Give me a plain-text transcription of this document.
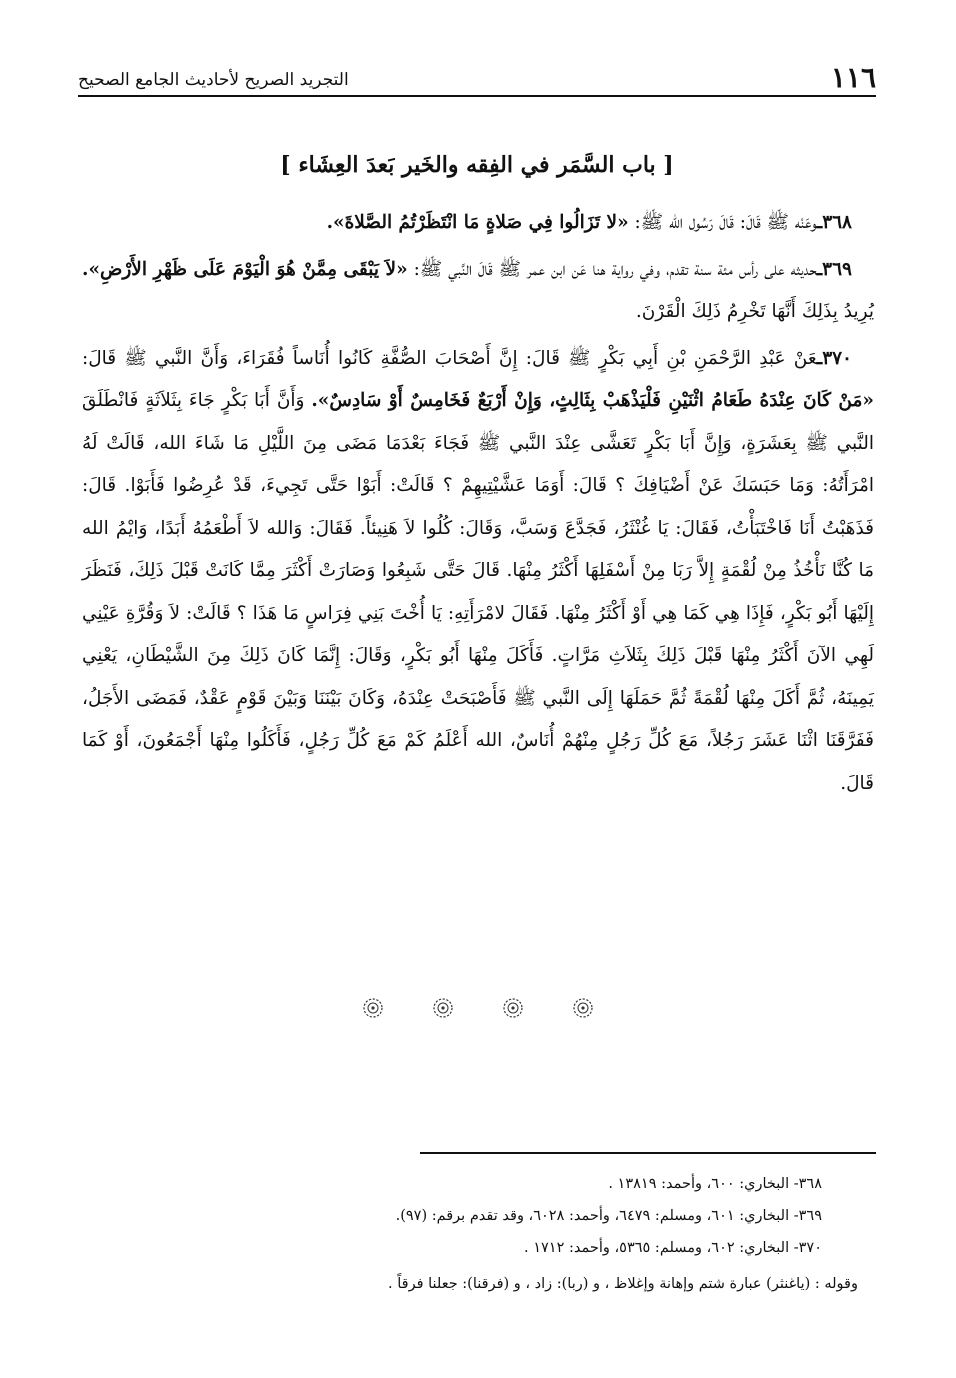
١١٦
التجريد الصريح لأحاديث الجامع الصحيح
[ باب السَّمَر في الفِقه والخَير بَعدَ العِشَاء ]

٣٦٨ـوعَنْه ﷺ قَالَ: قَالَ رَسُول الله ﷺ: «لا تَزَالُوا فِي صَلاةٍ مَا انْتَظَرْتُمُ الصَّلاةَ».

٣٦٩ـحديثه على رأس مئة سنة تقدم، وفي رواية هنا عَن ابن عمر ﷺ قَالَ النَّبي ﷺ: «لاَ يَبْقَى مِمَّنْ هُوَ الْيَوْمَ عَلَى ظَهْرِ الأَرْضِ». يُرِيدُ بِذَلِكَ أَنَّهَا تَخْرِمُ ذَلِكَ الْقَرْنَ.

٣٧٠ـعَنْ عَبْدِ الرَّحْمَنِ بْنِ أَبِي بَكْرٍ ﷺ قَالَ: إِنَّ أَصْحَابَ الصُّفَّةِ كَانُوا أُنَاساً فُقَرَاءَ، وَأَنَّ النَّبي ﷺ قَالَ: «مَنْ كَانَ عِنْدَهُ طَعَامُ اثْنَيْنِ فَلْيَذْهَبْ بِثَالِثٍ، وَإِنْ أَرْبَعٌ فَخَامِسٌ أَوْ سَادِسٌ». وَأَنَّ أَبَا بَكْرٍ جَاءَ بِثَلاَثَةٍ فَانْطَلَقَ النَّبي ﷺ بِعَشَرَةٍ، وَإِنَّ أَبَا بَكْرٍ تَعَشَّى عِنْدَ النَّبي ﷺ فَجَاءَ بَعْدَمَا مَضَى مِنَ اللَّيْلِ مَا شَاءَ الله، قَالَتْ لَهُ امْرَأَتُهُ: وَمَا حَبَسَكَ عَنْ أَضْيَافِكَ ؟ قَالَ: أَوَمَا عَشَّيْتِيهِمْ ؟ قَالَتْ: أَبَوْا حَتَّى تَجِيءَ، قَدْ عُرِضُوا فَأَبَوْا. قَالَ: فَذَهَبْتُ أَنَا فَاخْتَبَأْتُ، فَقَالَ: يَا غُنْثَرُ، فَجَدَّعَ وَسَبَّ، وَقَالَ: كُلُوا لاَ هَنِيئاً. فَقَالَ: وَالله لاَ أَطْعَمُهُ أَبَدًا، وَايْمُ الله مَا كُنَّا نَأْخُذُ مِنْ لُقْمَةٍ إِلاَّ رَبَا مِنْ أَسْفَلِهَا أَكْثَرُ مِنْهَا. قَالَ حَتَّى شَبِعُوا وَصَارَتْ أَكْثَرَ مِمَّا كَانَتْ قَبْلَ ذَلِكَ، فَنَظَرَ إِلَيْهَا أَبُو بَكْرٍ، فَإِذَا هِي كَمَا هِي أَوْ أَكْثَرُ مِنْهَا. فَقَالَ لامْرَأَتِهِ: يَا أُخْتَ بَنِي فِرَاسٍ مَا هَذَا ؟ قَالَتْ: لاَ وَقُرَّةِ عَيْنِي لَهِي الآنَ أَكْثَرُ مِنْهَا قَبْلَ ذَلِكَ بِثَلاَثِ مَرَّاتٍ. فَأَكَلَ مِنْهَا أَبُو بَكْرٍ، وَقَالَ: إِنَّمَا كَانَ ذَلِكَ مِنَ الشَّيْطَانِ، يَعْنِي يَمِينَهُ، ثُمَّ أَكَلَ مِنْهَا لُقْمَةً ثُمَّ حَمَلَهَا إِلَى النَّبي ﷺ فَأَصْبَحَتْ عِنْدَهُ، وَكَانَ بَيْنَنَا وَبَيْنَ قَوْمٍ عَقْدٌ، فَمَضَى الأَجَلُ، فَفَرَّقَنَا اثْنَا عَشَرَ رَجُلاً، مَعَ كُلِّ رَجُلٍ مِنْهُمْ أُنَاسٌ، الله أَعْلَمُ كَمْ مَعَ كُلِّ رَجُلٍ، فَأَكَلُوا مِنْهَا أَجْمَعُونَ، أَوْ كَمَا قَالَ.

٣٦٨- البخاري: ٦٠٠، وأحمد: ١٣٨١٩ .

٣٦٩- البخاري: ٦٠١، ومسلم: ٦٤٧٩، وأحمد: ٦٠٢٨، وقد تقدم برقم: (٩٧).

٣٧٠- البخاري: ٦٠٢، ومسلم: ٥٣٦٥، وأحمد: ١٧١٢ .

وقوله : (ياغنثر) عبارة شتم وإهانة وإغلاظ ، و (ربا): زاد ، و (فرقنا): جعلنا فرقاً .
